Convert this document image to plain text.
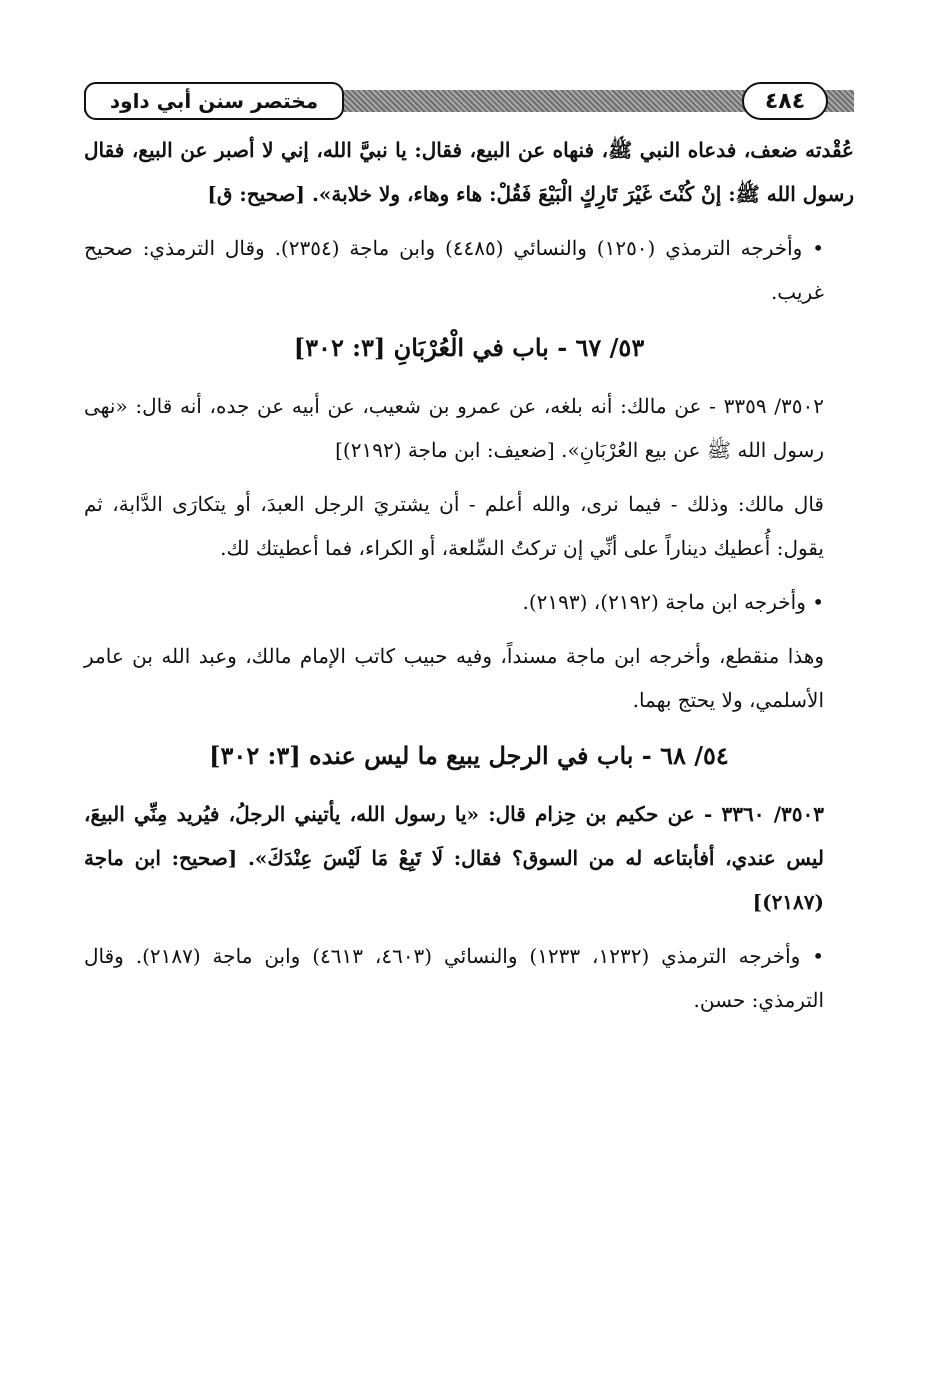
مختصر سنن أبي داود	٤٨٤

عُقْدته ضعف، فدعاه النبي ﷺ، فنهاه عن البيع، فقال: يا نبيَّ الله، إني لا أصبر عن البيع، فقال رسول الله ﷺ: إنْ كُنْتَ غَيْرَ تَارِكٍ الْبَيْعَ فَقُلْ: هاء وهاء، ولا خلابة». [صحيح: ق]

• وأخرجه الترمذي (١٢٥٠) والنسائي (٤٤٨٥) وابن ماجة (٢٣٥٤). وقال الترمذي: صحيح غريب.

٥٣/ ٦٧ - باب في الْعُرْبَانِ [٣: ٣٠٢]

٣٥٠٢/ ٣٣٥٩ - عن مالك: أنه بلغه، عن عمرو بن شعيب، عن أبيه عن جده، أنه قال: «نهى رسول الله ﷺ عن بيع العُرْبَانِ». [ضعيف: ابن ماجة (٢١٩٢)]

قال مالك: وذلك - فيما نرى، والله أعلم - أن يشتريَ الرجل العبدَ، أو يتكارَى الدَّابة، ثم يقول: أُعطيك ديناراً على أنِّي إن تركتُ السِّلعة، أو الكراء، فما أعطيتك لك.

• وأخرجه ابن ماجة (٢١٩٢)، (٢١٩٣).

وهذا منقطع، وأخرجه ابن ماجة مسنداً، وفيه حبيب كاتب الإمام مالك، وعبد الله بن عامر الأسلمي، ولا يحتج بهما.

٥٤/ ٦٨ - باب في الرجل يبيع ما ليس عنده [٣: ٣٠٢]

٣٥٠٣/ ٣٣٦٠ - عن حكيم بن حِزام قال: «يا رسول الله، يأتيني الرجلُ، فيُريد مِنِّي البيعَ، ليس عندي، أفأبتاعه له من السوق؟ فقال: لَا تَبِعْ مَا لَيْسَ عِنْدَكَ». [صحيح: ابن ماجة (٢١٨٧)]

• وأخرجه الترمذي (١٢٣٢، ١٢٣٣) والنسائي (٤٦٠٣، ٤٦١٣) وابن ماجة (٢١٨٧). وقال الترمذي: حسن.
